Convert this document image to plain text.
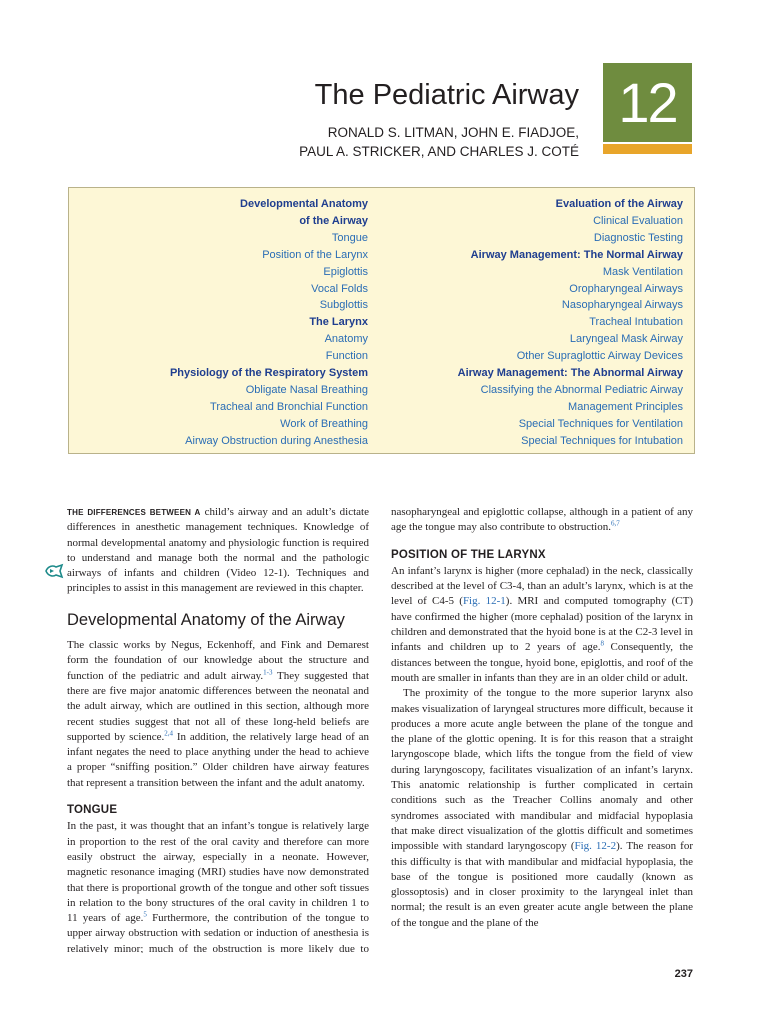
The Pediatric Airway
RONALD S. LITMAN, JOHN E. FIADJOE,
PAUL A. STRICKER, AND CHARLES J. COTÉ
12
Developmental Anatomy
of the Airway
Tongue
Position of the Larynx
Epiglottis
Vocal Folds
Subglottis
The Larynx
Anatomy
Function
Physiology of the Respiratory System
Obligate Nasal Breathing
Tracheal and Bronchial Function
Work of Breathing
Airway Obstruction during Anesthesia
Evaluation of the Airway
Clinical Evaluation
Diagnostic Testing
Airway Management: The Normal Airway
Mask Ventilation
Oropharyngeal Airways
Nasopharyngeal Airways
Tracheal Intubation
Laryngeal Mask Airway
Other Supraglottic Airway Devices
Airway Management: The Abnormal Airway
Classifying the Abnormal Pediatric Airway
Management Principles
Special Techniques for Ventilation
Special Techniques for Intubation

THE DIFFERENCES BETWEEN A child’s airway and an adult’s dictate differences in anesthetic management techniques. Knowledge of normal developmental anatomy and physiologic function is required to understand and manage both the normal and the pathologic airways of infants and children (Video 12-1). Techniques and principles to assist in this management are reviewed in this chapter.

Developmental Anatomy of the Airway

The classic works by Negus, Eckenhoff, and Fink and Demarest form the foundation of our knowledge about the structure and function of the pediatric and adult airway.$^{1-3}$ They suggested that there are five major anatomic differences between the neonatal and the adult airway, which are outlined in this section, although more recent studies suggest that not all of these long-held beliefs are supported by science.$^{2,4}$ In addition, the relatively large head of an infant negates the need to place anything under the head to achieve a proper “sniffing position.” Older children have airway features that represent a transition between the infant and the adult anatomy.

TONGUE

In the past, it was thought that an infant’s tongue is relatively large in proportion to the rest of the oral cavity and therefore can more easily obstruct the airway, especially in a neonate. However, magnetic resonance imaging (MRI) studies have now demonstrated that there is proportional growth of the tongue and other soft tissues in relation to the bony structures of the oral cavity in children 1 to 11 years of age.$^5$ Furthermore, the contribution of the tongue to upper airway obstruction with sedation or induction of anesthesia is relatively minor; much of the obstruction is more likely due to

nasopharyngeal and epiglottic collapse, although in a patient of any age the tongue may also contribute to obstruction.$^{6,7}$

POSITION OF THE LARYNX

An infant’s larynx is higher (more cephalad) in the neck, classically described at the level of C3-4, than an adult’s larynx, which is at the level of C4-5 (Fig. 12-1). MRI and computed tomography (CT) have confirmed the higher (more cephalad) position of the larynx in children and demonstrated that the hyoid bone is at the C2-3 level in infants and children up to 2 years of age.$^8$ Consequently, the distances between the tongue, hyoid bone, epiglottis, and roof of the mouth are smaller in infants than they are in an older child or adult.

The proximity of the tongue to the more superior larynx also makes visualization of laryngeal structures more difficult, because it produces a more acute angle between the plane of the tongue and the plane of the glottic opening. It is for this reason that a straight laryngoscope blade, which lifts the tongue from the field of view during laryngoscopy, facilitates visualization of an infant’s larynx. This anatomic relationship is further complicated in certain conditions such as the Treacher Collins anomaly and other syndromes associated with mandibular and midfacial hypoplasia that make direct visualization of the glottis difficult and sometimes impossible with standard laryngoscopy (Fig. 12-2). The reason for this difficulty is that with mandibular and midfacial hypoplasia, the base of the tongue is positioned more caudally (known as glossoptosis) and in closer proximity to the laryngeal inlet than normal; the result is an even greater acute angle between the plane of the tongue and the plane of the

237
